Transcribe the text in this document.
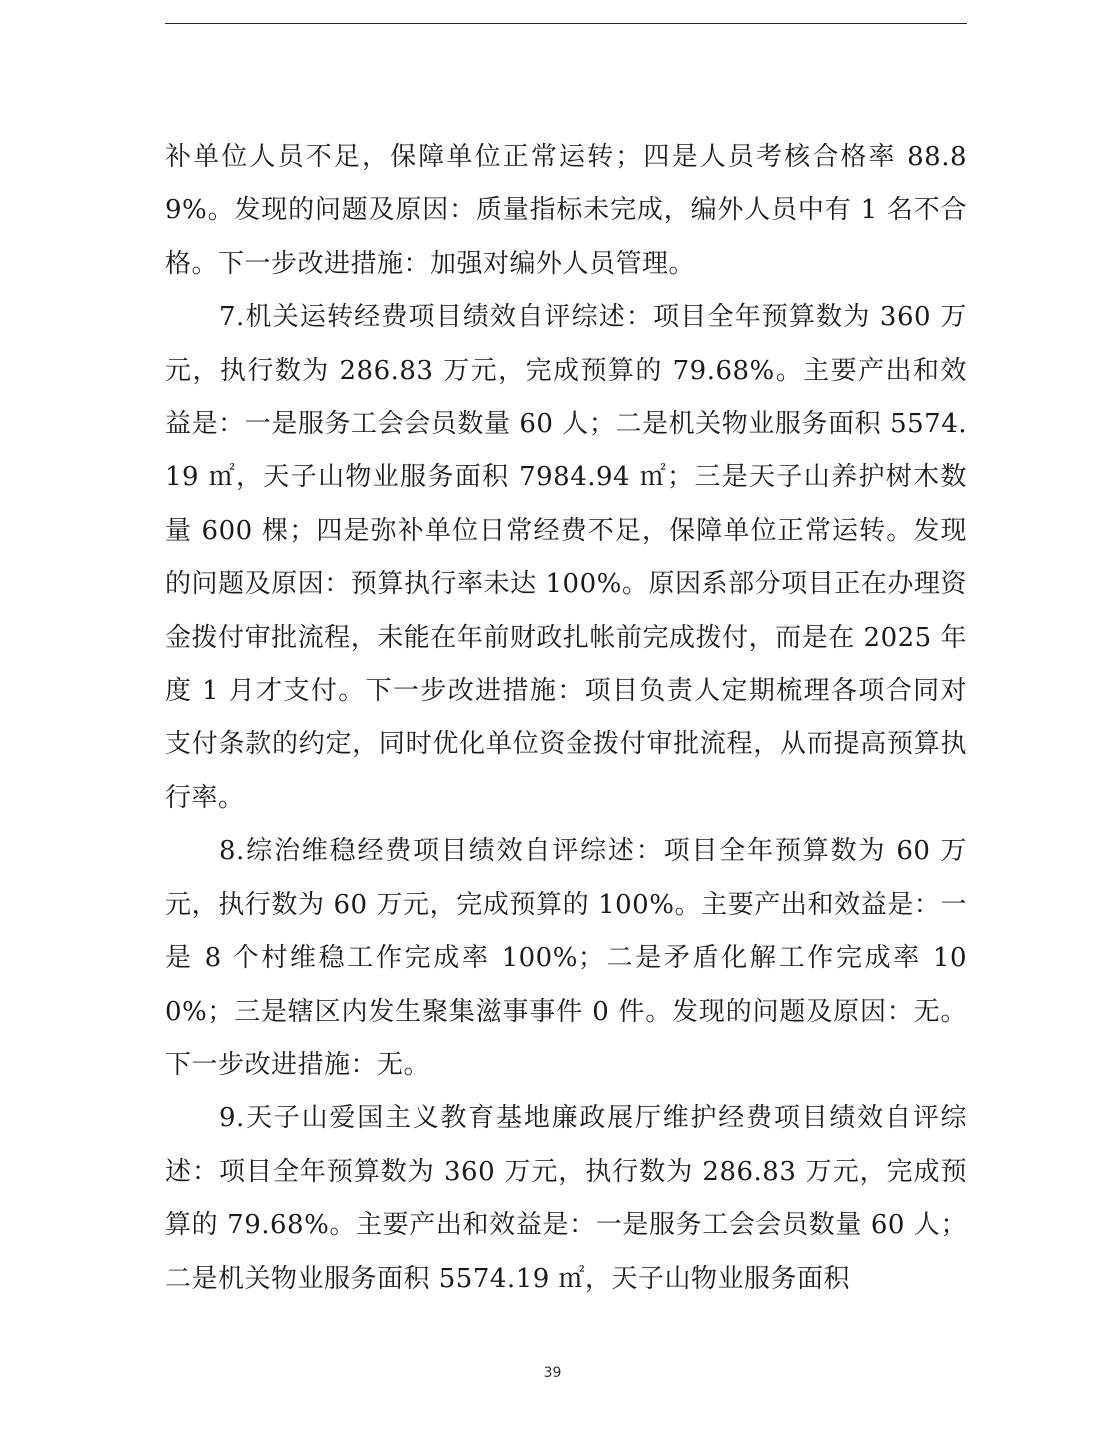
补单位人员不足，保障单位正常运转；四是人员考核合格率 88.89%。发现的问题及原因：质量指标未完成，编外人员中有 1 名不合格。下一步改进措施：加强对编外人员管理。

7.机关运转经费项目绩效自评综述：项目全年预算数为 360 万元，执行数为 286.83 万元，完成预算的 79.68%。主要产出和效益是：一是服务工会会员数量 60 人；二是机关物业服务面积 5574.19 ㎡，天子山物业服务面积 7984.94 ㎡；三是天子山养护树木数量 600 棵；四是弥补单位日常经费不足，保障单位正常运转。发现的问题及原因：预算执行率未达 100%。原因系部分项目正在办理资金拨付审批流程，未能在年前财政扎帐前完成拨付，而是在 2025 年度 1 月才支付。下一步改进措施：项目负责人定期梳理各项合同对支付条款的约定，同时优化单位资金拨付审批流程，从而提高预算执行率。

8.综治维稳经费项目绩效自评综述：项目全年预算数为 60 万元，执行数为 60 万元，完成预算的 100%。主要产出和效益是：一是 8 个村维稳工作完成率 100%；二是矛盾化解工作完成率 100%；三是辖区内发生聚集滋事事件 0 件。发现的问题及原因：无。下一步改进措施：无。

9.天子山爱国主义教育基地廉政展厅维护经费项目绩效自评综述：项目全年预算数为 360 万元，执行数为 286.83 万元，完成预算的 79.68%。主要产出和效益是：一是服务工会会员数量 60 人；二是机关物业服务面积 5574.19 ㎡，天子山物业服务面积

39
